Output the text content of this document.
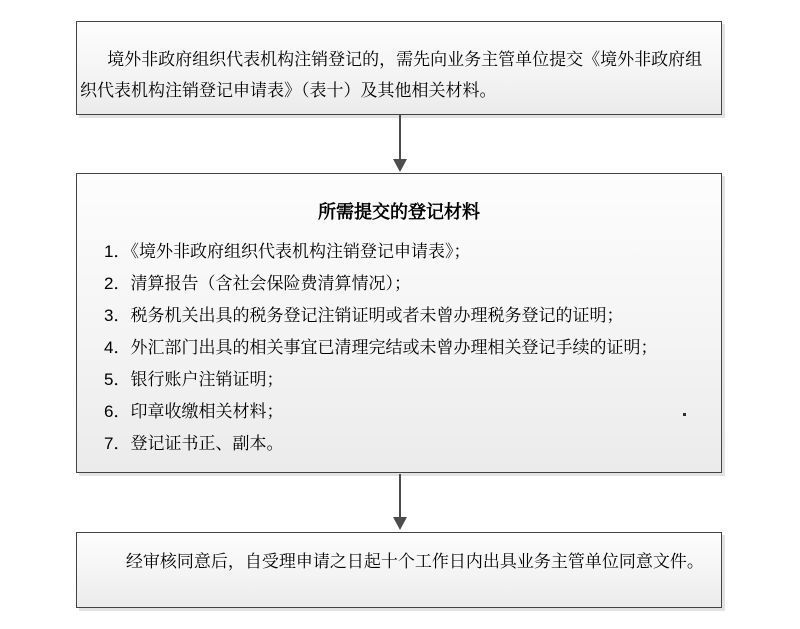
境外非政府组织代表机构注销登记的，需先向业务主管单位提交《境外非政府组织代表机构注销登记申请表》（表十）及其他相关材料。

所需提交的登记材料
1．《境外非政府组织代表机构注销登记申请表》；
2．清算报告（含社会保险费清算情况）；
3．税务机关出具的税务登记注销证明或者未曾办理税务登记的证明；
4．外汇部门出具的相关事宜已清理完结或未曾办理相关登记手续的证明；
5．银行账户注销证明；
6．印章收缴相关材料；
7．登记证书正、副本。

经审核同意后，自受理申请之日起十个工作日内出具业务主管单位同意文件。
